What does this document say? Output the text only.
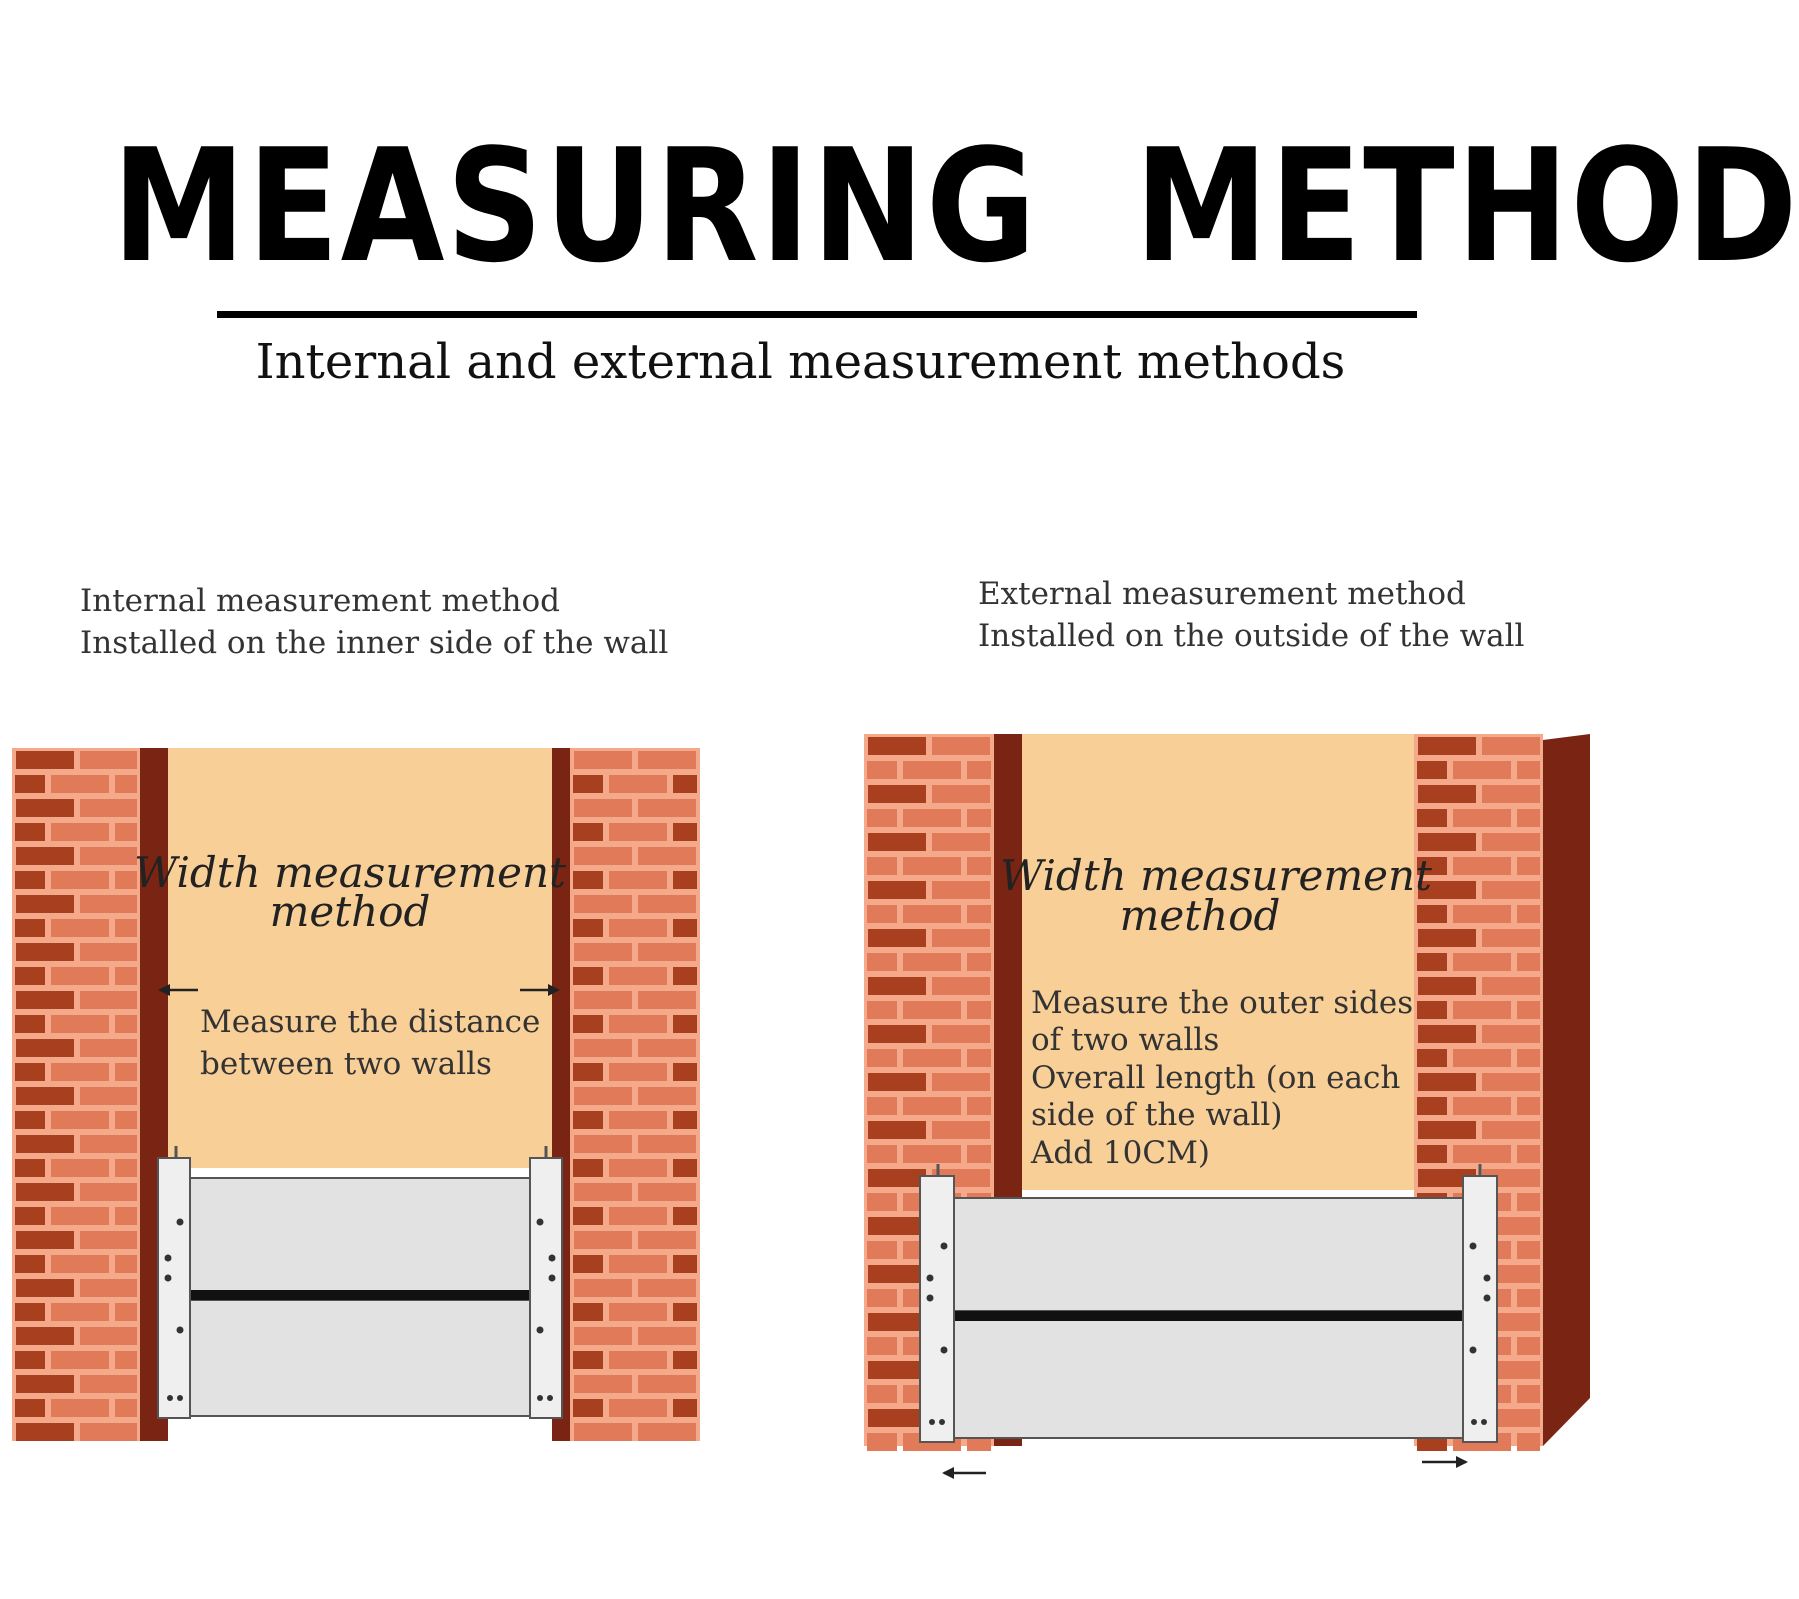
MEASURING  METHOD
Internal and external measurement methods
Internal measurement method
Installed on the inner side of the wall
External measurement method
Installed on the outside of the wall
Width measurement
method
Measure the distance
between two walls
Width measurement
method
Measure the outer sides
of two walls
Overall length (on each
side of the wall)
Add 10CM)
